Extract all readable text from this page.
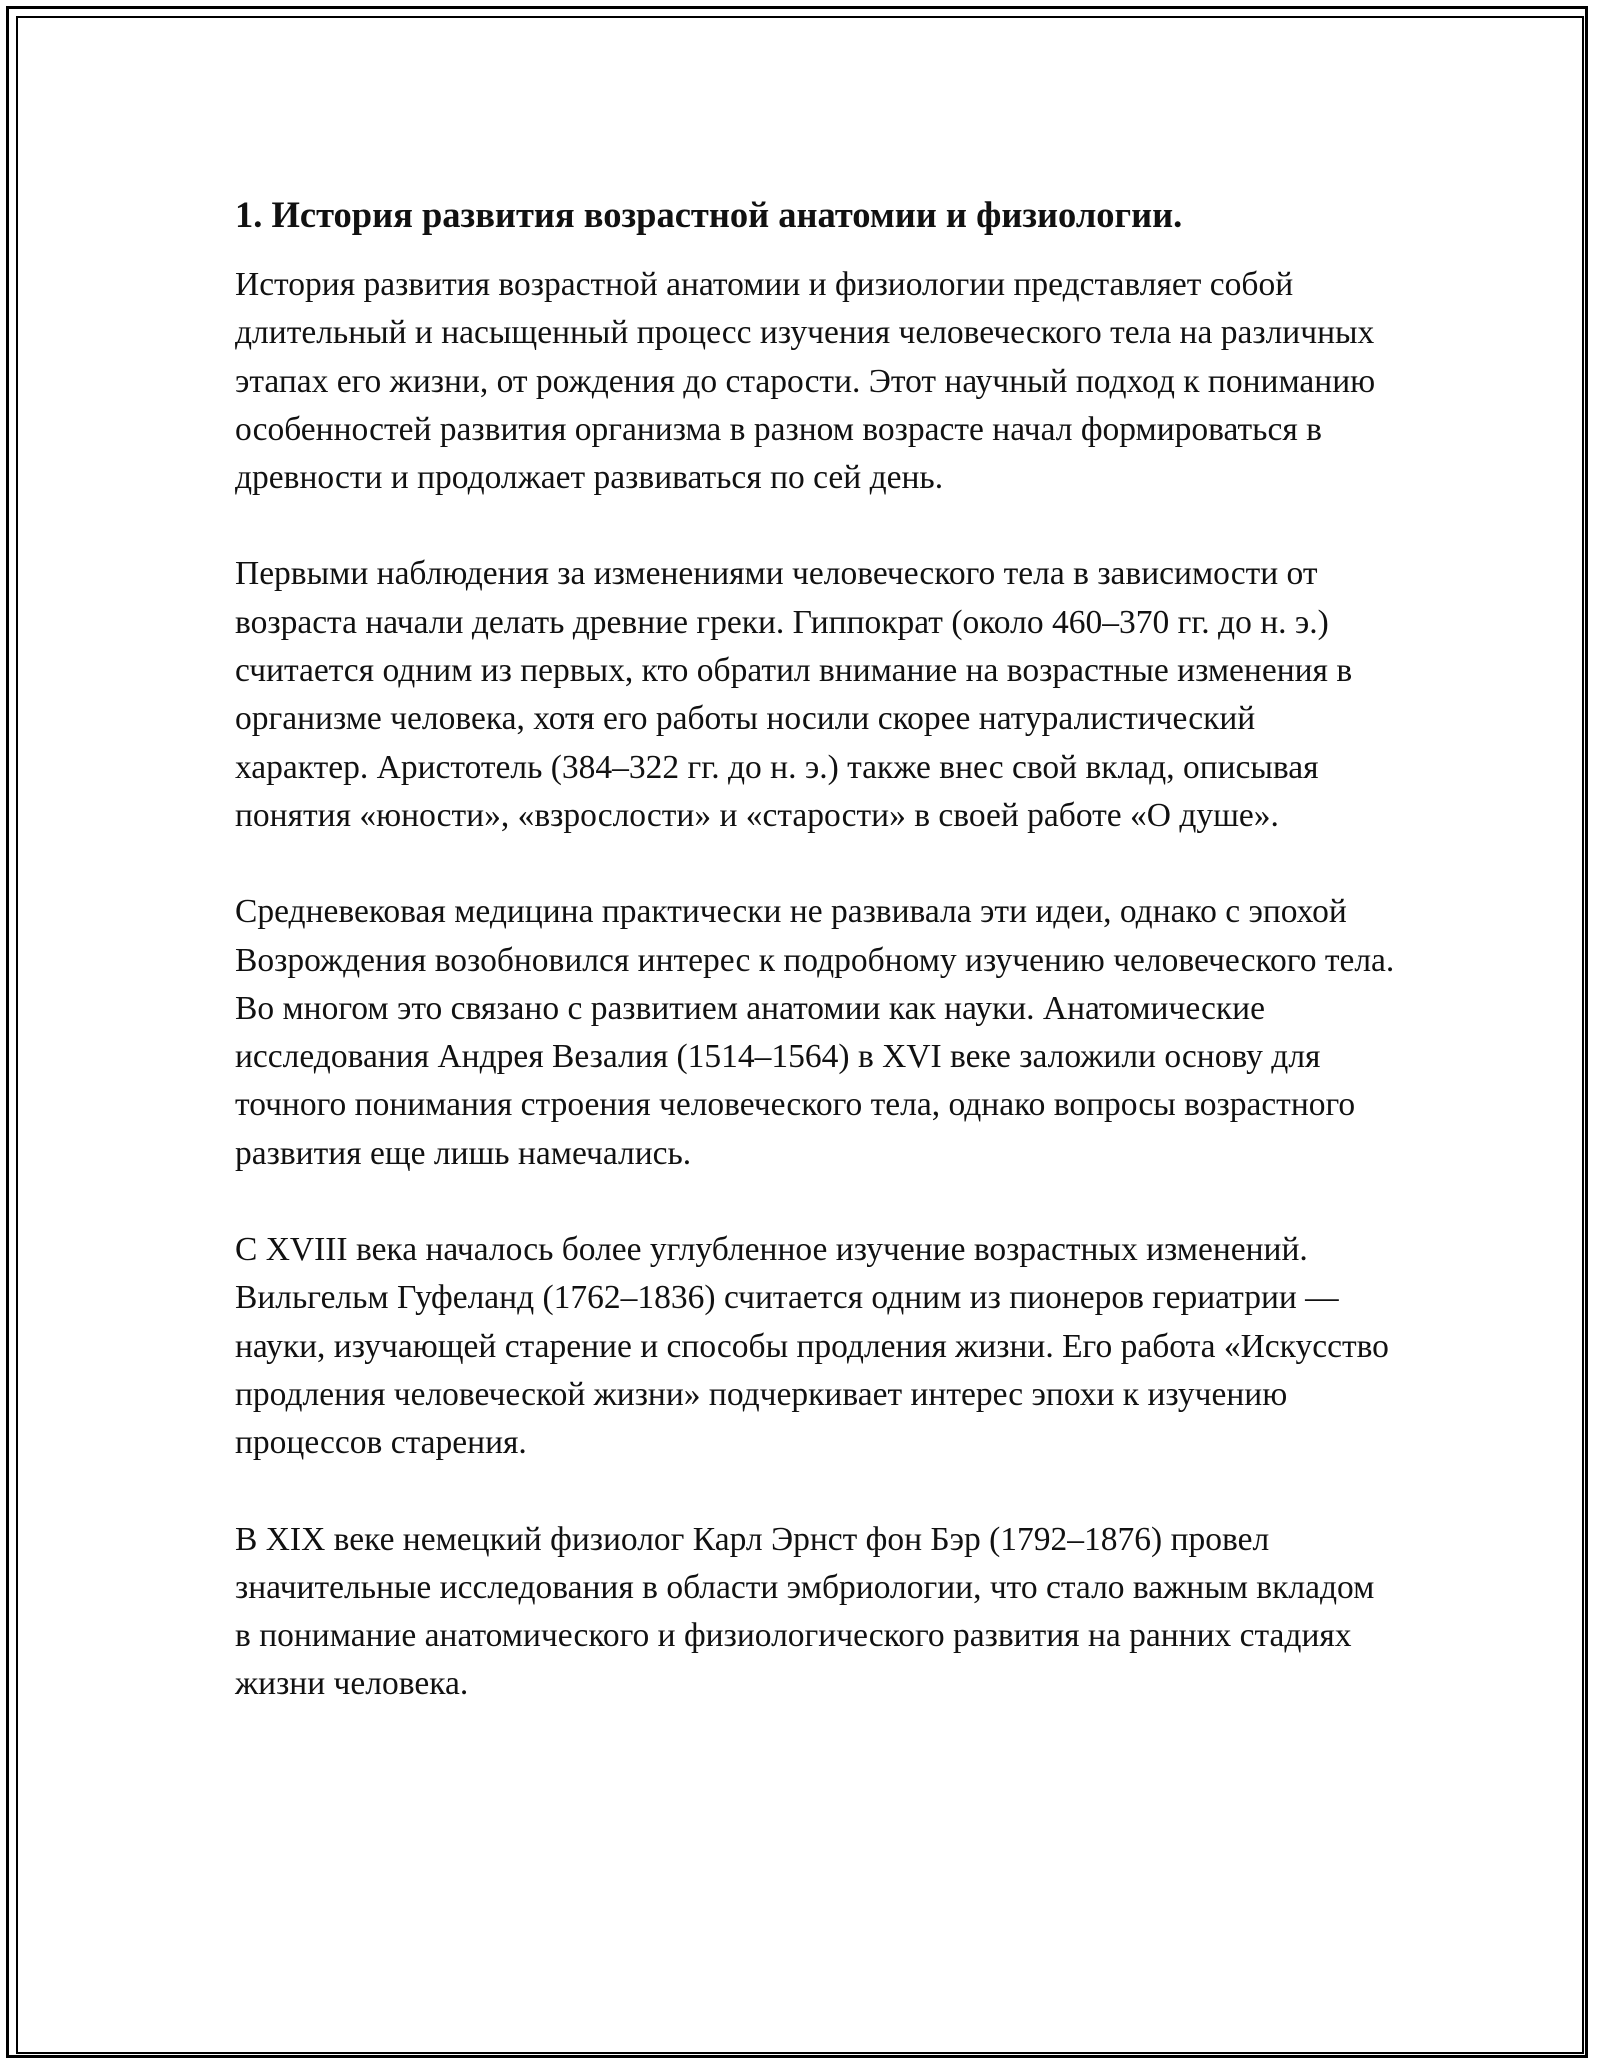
1. История развития возрастной анатомии и физиологии.

История развития возрастной анатомии и физиологии представляет собой длительный и насыщенный процесс изучения человеческого тела на различных этапах его жизни, от рождения до старости. Этот научный подход к пониманию особенностей развития организма в разном возрасте начал формироваться в древности и продолжает развиваться по сей день.

Первыми наблюдения за изменениями человеческого тела в зависимости от возраста начали делать древние греки. Гиппократ (около 460–370 гг. до н. э.) считается одним из первых, кто обратил внимание на возрастные изменения в организме человека, хотя его работы носили скорее натуралистический характер. Аристотель (384–322 гг. до н. э.) также внес свой вклад, описывая понятия «юности», «взрослости» и «старости» в своей работе «О душе».

Средневековая медицина практически не развивала эти идеи, однако с эпохой Возрождения возобновился интерес к подробному изучению человеческого тела. Во многом это связано с развитием анатомии как науки. Анатомические исследования Андрея Везалия (1514–1564) в XVI веке заложили основу для точного понимания строения человеческого тела, однако вопросы возрастного развития еще лишь намечались.

С XVIII века началось более углубленное изучение возрастных изменений. Вильгельм Гуфеланд (1762–1836) считается одним из пионеров гериатрии — науки, изучающей старение и способы продления жизни. Его работа «Искусство продления человеческой жизни» подчеркивает интерес эпохи к изучению процессов старения.

В XIX веке немецкий физиолог Карл Эрнст фон Бэр (1792–1876) провел значительные исследования в области эмбриологии, что стало важным вкладом в понимание анатомического и физиологического развития на ранних стадиях жизни человека.
